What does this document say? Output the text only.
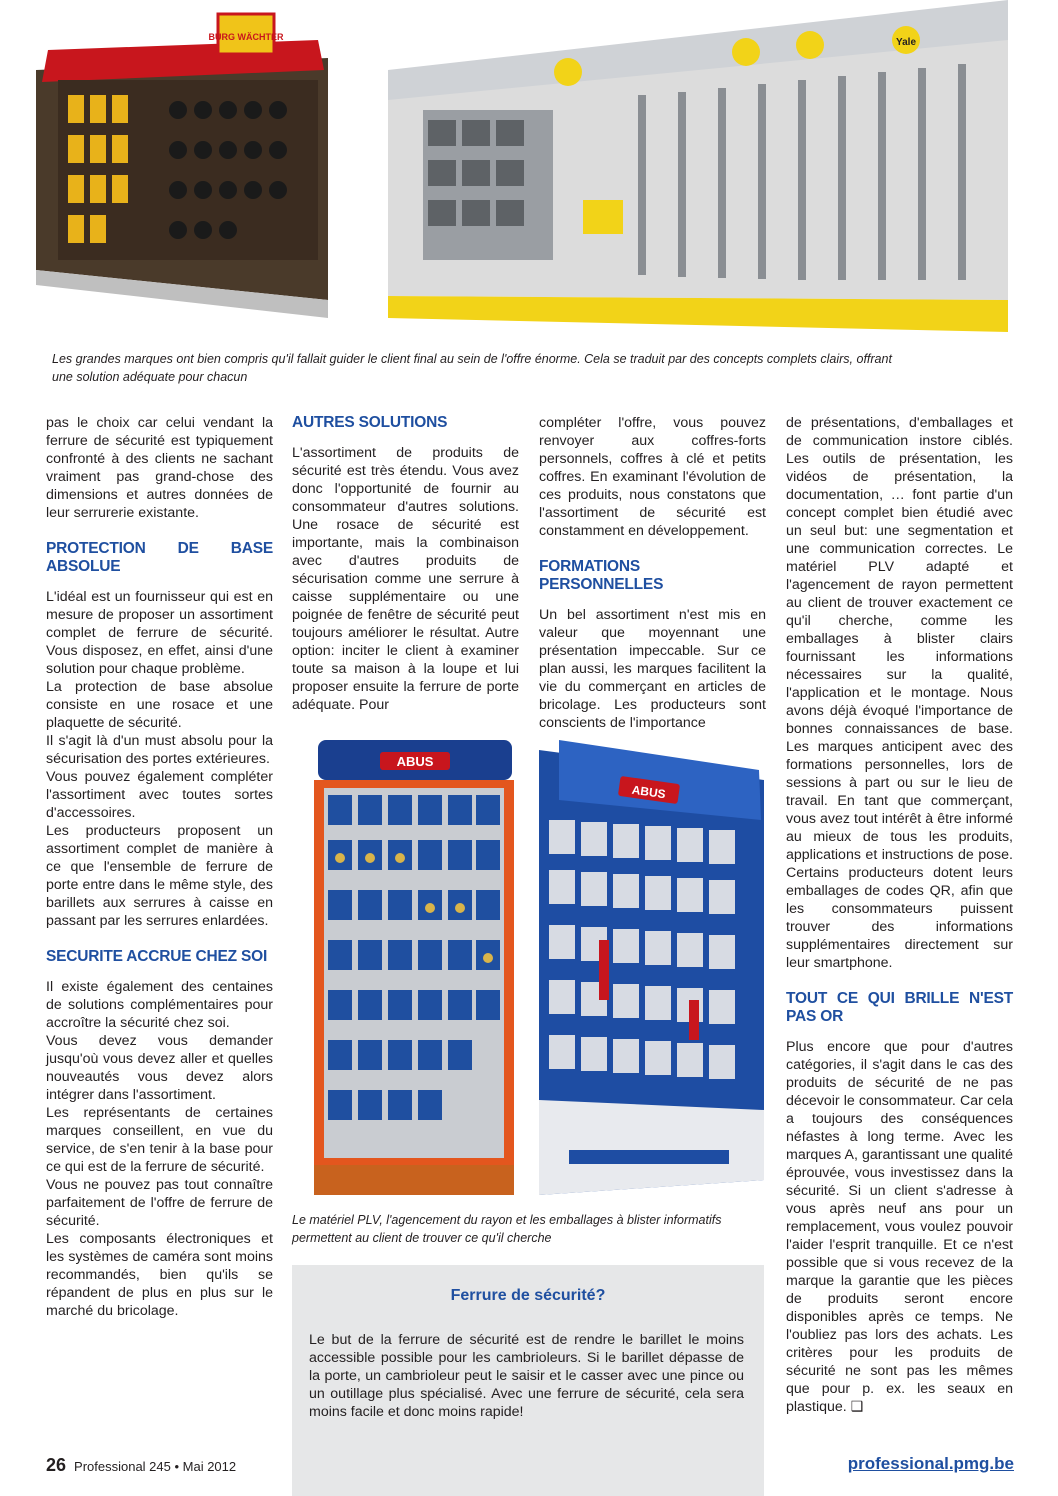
BURG WÄCHTER	Yale
Les grandes marques ont bien compris qu'il fallait guider le client final au sein de l'offre énorme. Cela se traduit par des concepts complets clairs, offrant une solution adéquate pour chacun

pas le choix car celui vendant la ferrure de sécurité est typiquement confronté à des clients ne sachant vraiment pas grand-chose des dimensions et autres données de leur serrurerie existante.

PROTECTION DE BASE ABSOLUE

L'idéal est un fournisseur qui est en mesure de proposer un assortiment complet de ferrure de sécurité. Vous disposez, en effet, ainsi d'une solution pour chaque problème.

La protection de base absolue consiste en une rosace et une plaquette de sécurité.

Il s'agit là d'un must absolu pour la sécurisation des portes extérieures.

Vous pouvez également compléter l'assortiment avec toutes sortes d'accessoires.

Les producteurs proposent un assortiment complet de manière à ce que l'ensemble de ferrure de porte entre dans le même style, des barillets aux serrures à caisse en passant par les serrures enlardées.

SECURITE ACCRUE CHEZ SOI

Il existe également des centaines de solutions complémentaires pour accroître la sécurité chez soi.

Vous devez vous demander jusqu'où vous devez aller et quelles nouveautés vous devez alors intégrer dans l'assortiment.

Les représentants de certaines marques conseillent, en vue du service, de s'en tenir à la base pour ce qui est de la ferrure de sécurité.

Vous ne pouvez pas tout connaître parfaitement de l'offre de ferrure de sécurité.

Les composants électroniques et les systèmes de caméra sont moins recommandés, bien qu'ils se répandent de plus en plus sur le marché du bricolage.

AUTRES SOLUTIONS

L'assortiment de produits de sécurité est très étendu. Vous avez donc l'opportunité de fournir au consommateur d'autres solutions. Une rosace de sécurité est importante, mais la combinaison avec d'autres produits de sécurisation comme une serrure à caisse supplémentaire ou une poignée de fenêtre de sécurité peut toujours améliorer le résultat. Autre option: inciter le client à examiner toute sa maison à la loupe et lui proposer ensuite la ferrure de porte adéquate. Pour

compléter l'offre, vous pouvez renvoyer aux coffres-forts personnels, coffres à clé et petits coffres. En examinant l'évolution de ces produits, nous constatons que l'assortiment de sécurité est constamment en développement.

FORMATIONS PERSONNELLES

Un bel assortiment n'est mis en valeur que moyennant une présentation impeccable. Sur ce plan aussi, les marques facilitent la vie du commerçant en articles de bricolage. Les producteurs sont conscients de l'importance

de présentations, d'emballages et de communication instore ciblés. Les outils de présentation, les vidéos de présentation, la documentation, … font partie d'un concept complet bien étudié avec un seul but: une segmentation et une communication correctes. Le matériel PLV adapté et l'agencement de rayon permettent au client de trouver exactement ce qu'il cherche, comme les emballages à blister clairs fournissant les informations nécessaires sur la qualité, l'application et le montage. Nous avons déjà évoqué l'importance de bonnes connaissances de base. Les marques anticipent avec des formations personnelles, lors de sessions à part ou sur le lieu de travail. En tant que commerçant, vous avez tout intérêt à être informé au mieux de tous les produits, applications et instructions de pose. Certains producteurs dotent leurs emballages de codes QR, afin que les consommateurs puissent trouver des informations supplémentaires directement sur leur smartphone.

TOUT CE QUI BRILLE N'EST PAS OR

Plus encore que pour d'autres catégories, il s'agit dans le cas des produits de sécurité de ne pas décevoir le consommateur. Car cela a toujours des conséquences néfastes à long terme. Avec les marques A, garantissant une qualité éprouvée, vous investissez dans la sécurité. Si un client s'adresse à vous après neuf ans pour un remplacement, vous voulez pouvoir l'aider l'esprit tranquille. Et ce n'est possible que si vous recevez de la marque la garantie que les pièces de produits seront encore disponibles après ce temps. Ne l'oubliez pas lors des achats. Les critères pour les produits de sécurité ne sont pas les mêmes que pour p. ex. les seaux en plastique. ❑

ABUS
ABUS
Le matériel PLV, l'agencement du rayon et les emballages à blister informatifs permettent au client de trouver ce qu'il cherche
Ferrure de sécurité?
Le but de la ferrure de sécurité est de rendre le barillet le moins accessible possible pour les cambrioleurs. Si le barillet dépasse de la porte, un cambrioleur peut le saisir et le casser avec une pince ou un outillage plus spécialisé. Avec une ferrure de sécurité, cela sera moins facile et donc moins rapide!
26 Professional 245 • Mai 2012	professional.pmg.be
